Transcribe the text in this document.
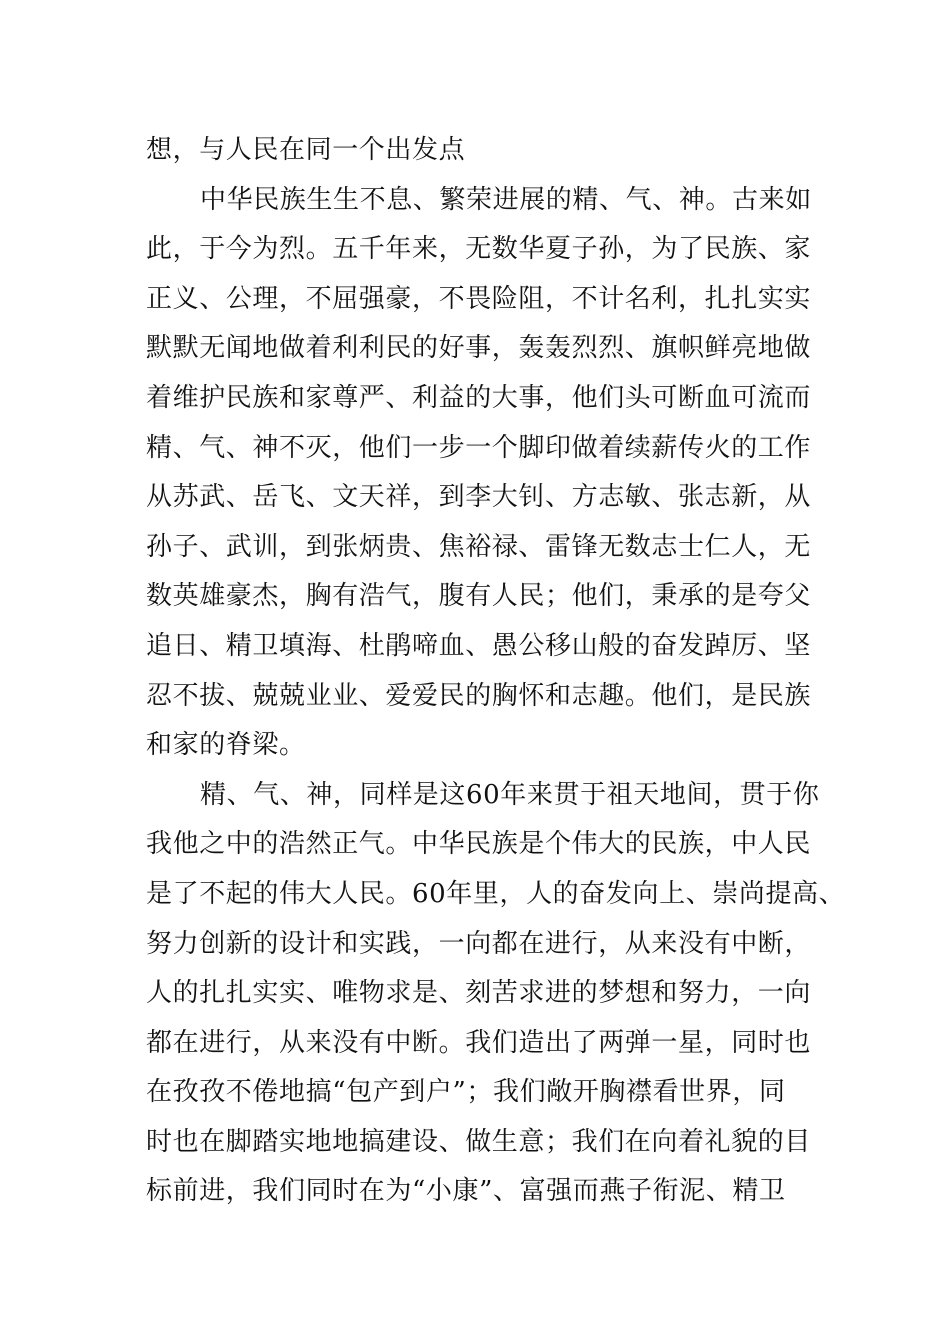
想，与人民在同一个出发点
中华民族生生不息、繁荣进展的精、气、神。古来如
此，于今为烈。五千年来，无数华夏子孙，为了民族、家
正义、公理，不屈强豪，不畏险阻，不计名利，扎扎实实
默默无闻地做着利利民的好事，轰轰烈烈、旗帜鲜亮地做
着维护民族和家尊严、利益的大事，他们头可断血可流而
精、气、神不灭，他们一步一个脚印做着续薪传火的工作
从苏武、岳飞、文天祥，到李大钊、方志敏、张志新，从
孙子、武训，到张炳贵、焦裕禄、雷锋无数志士仁人，无
数英雄豪杰，胸有浩气，腹有人民；他们，秉承的是夸父
追日、精卫填海、杜鹃啼血、愚公移山般的奋发踔厉、坚
忍不拔、兢兢业业、爱爱民的胸怀和志趣。他们，是民族
和家的脊梁。
精、气、神，同样是这60年来贯于祖天地间，贯于你
我他之中的浩然正气。中华民族是个伟大的民族，中人民
是了不起的伟大人民。60年里，人的奋发向上、崇尚提高、
努力创新的设计和实践，一向都在进行，从来没有中断，
人的扎扎实实、唯物求是、刻苦求进的梦想和努力，一向
都在进行，从来没有中断。我们造出了两弹一星，同时也
在孜孜不倦地搞“包产到户”；我们敞开胸襟看世界，同
时也在脚踏实地地搞建设、做生意；我们在向着礼貌的目
标前进，我们同时在为“小康”、富强而燕子衔泥、精卫
